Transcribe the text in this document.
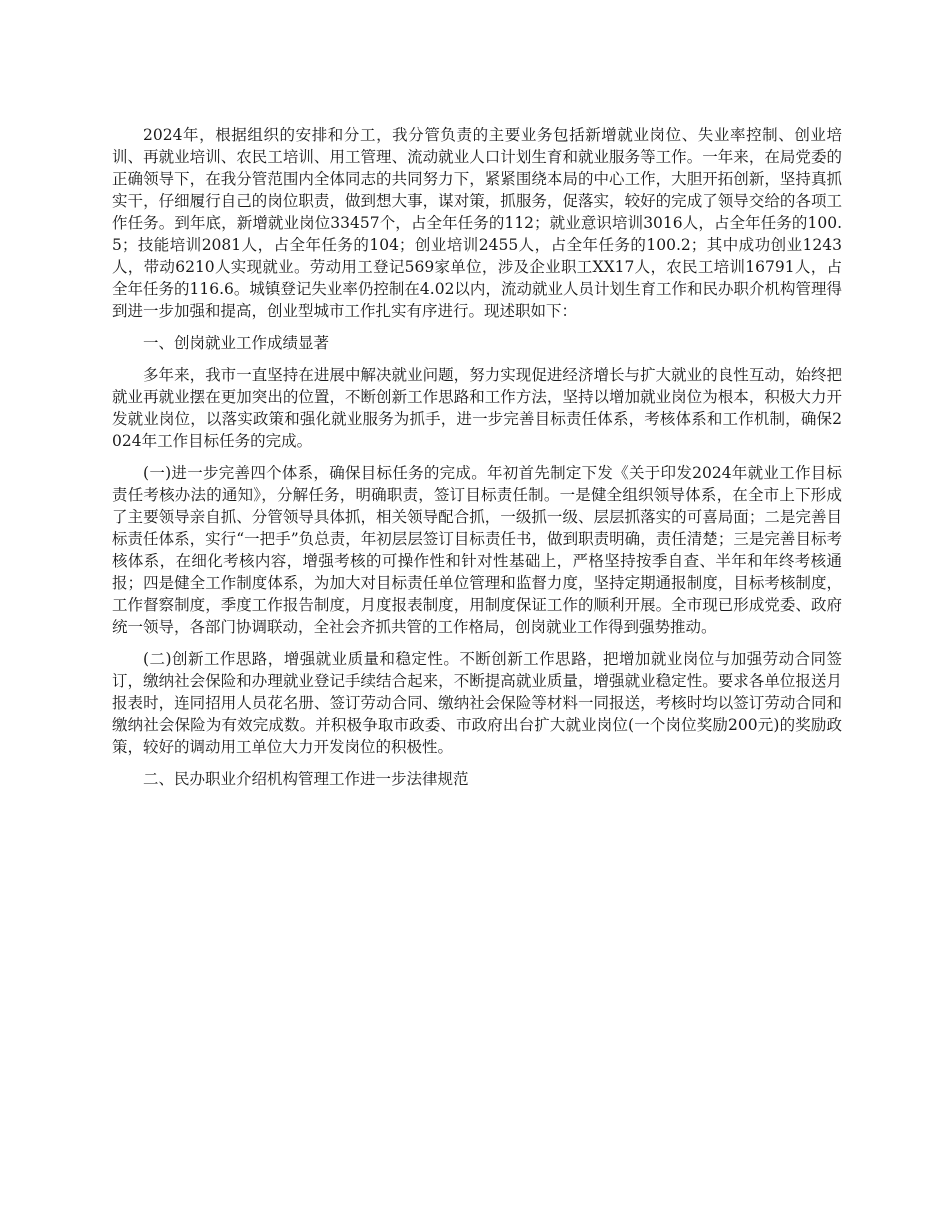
2024年，根据组织的安排和分工，我分管负责的主要业务包括新增就业岗位、失业率控制、创业培训、再就业培训、农民工培训、用工管理、流动就业人口计划生育和就业服务等工作。一年来，在局党委的正确领导下，在我分管范围内全体同志的共同努力下，紧紧围绕本局的中心工作，大胆开拓创新，坚持真抓实干，仔细履行自己的岗位职责，做到想大事，谋对策，抓服务，促落实，较好的完成了领导交给的各项工作任务。到年底，新增就业岗位33457个，占全年任务的112；就业意识培训3016人，占全年任务的100.5；技能培训2081人，占全年任务的104；创业培训2455人，占全年任务的100.2；其中成功创业1243人，带动6210人实现就业。劳动用工登记569家单位，涉及企业职工XX17人，农民工培训16791人，占全年任务的116.6。城镇登记失业率仍控制在4.02以内，流动就业人员计划生育工作和民办职介机构管理得到进一步加强和提高，创业型城市工作扎实有序进行。现述职如下：

一、创岗就业工作成绩显著

多年来，我市一直坚持在进展中解决就业问题，努力实现促进经济增长与扩大就业的良性互动，始终把就业再就业摆在更加突出的位置，不断创新工作思路和工作方法，坚持以增加就业岗位为根本，积极大力开发就业岗位，以落实政策和强化就业服务为抓手，进一步完善目标责任体系，考核体系和工作机制，确保2024年工作目标任务的完成。

(一)进一步完善四个体系，确保目标任务的完成。年初首先制定下发《关于印发2024年就业工作目标责任考核办法的通知》，分解任务，明确职责，签订目标责任制。一是健全组织领导体系，在全市上下形成了主要领导亲自抓、分管领导具体抓，相关领导配合抓，一级抓一级、层层抓落实的可喜局面；二是完善目标责任体系，实行“一把手”负总责，年初层层签订目标责任书，做到职责明确，责任清楚；三是完善目标考核体系，在细化考核内容，增强考核的可操作性和针对性基础上，严格坚持按季自查、半年和年终考核通报；四是健全工作制度体系，为加大对目标责任单位管理和监督力度，坚持定期通报制度，目标考核制度，工作督察制度，季度工作报告制度，月度报表制度，用制度保证工作的顺利开展。全市现已形成党委、政府统一领导，各部门协调联动，全社会齐抓共管的工作格局，创岗就业工作得到强势推动。

(二)创新工作思路，增强就业质量和稳定性。不断创新工作思路，把增加就业岗位与加强劳动合同签订，缴纳社会保险和办理就业登记手续结合起来，不断提高就业质量，增强就业稳定性。要求各单位报送月报表时，连同招用人员花名册、签订劳动合同、缴纳社会保险等材料一同报送，考核时均以签订劳动合同和缴纳社会保险为有效完成数。并积极争取市政委、市政府出台扩大就业岗位(一个岗位奖励200元)的奖励政策，较好的调动用工单位大力开发岗位的积极性。

二、民办职业介绍机构管理工作进一步法律规范
